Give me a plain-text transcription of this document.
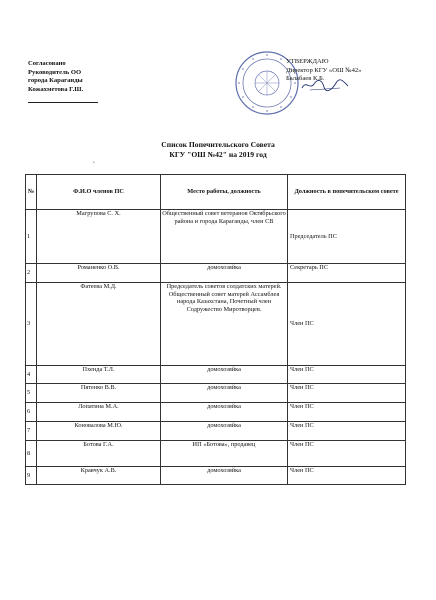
Согласовано
Руководитель ОО
города Караганды
Кожахметова Г.Ш.
УТВЕРЖДАЮ
Директор КГУ «ОШ №42»
Балабаев К.Б.
Список Попечительского Совета
КГУ "ОШ №42" на 2019 год
•
№	Ф.И.О членов ПС	Место работы, должность	Должность в попечительском совете
1	Магрупова С. Х.	Общественный совет ветеранов Октябрьского района и города Караганды, член СВ	Председатель ПС
2	Романенко О.В.	домохозяйка	Секретарь ПС
3	Фатеева М.Д.	Председатель советов солдатских матерей. Общественный совет матерей Ассамблея народа Казахстана, Почетный член Содружество Миротворцев.	Член ПС
4	Пхенда Т.Л.	домохозяйка	Член ПС
5	Пятенко В.В.	домохозяйка	Член ПС
6	Лопатина М.А.	домохозяйка	Член ПС
7	Коновалова М.Ю.	домохозяйка	Член ПС
8	Ботова Г.А.	ИП «Ботова», продавец	Член ПС
9	Кравчук А.В.	домохозяйка	Член ПС
